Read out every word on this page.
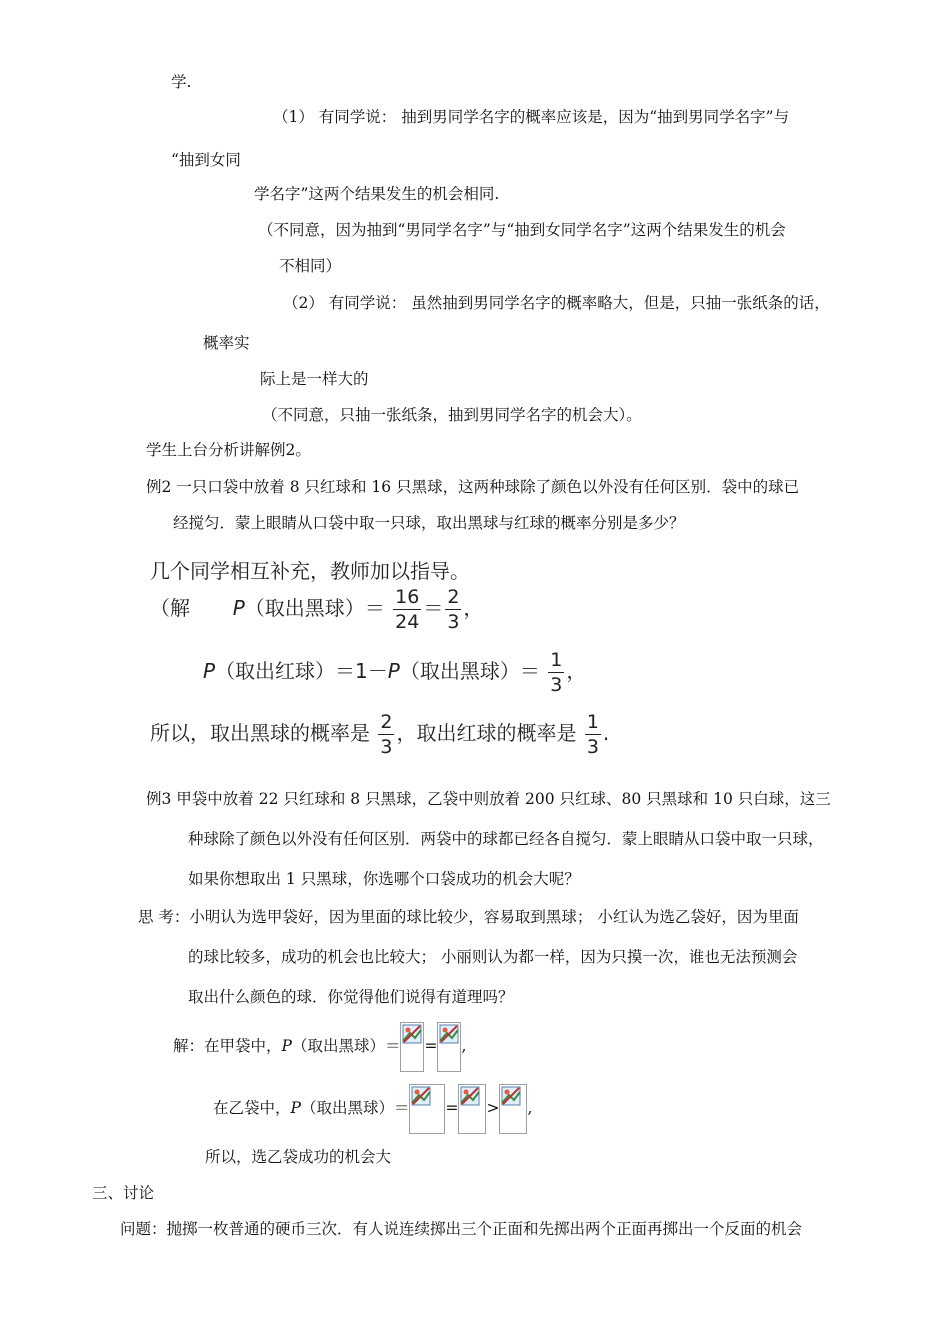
学.
（1） 有同学说： 抽到男同学名字的概率应该是，因为“抽到男同学名字”与
“抽到女同
学名字”这两个结果发生的机会相同.
（不同意，因为抽到“男同学名字”与“抽到女同学名字”这两个结果发生的机会
不相同）
（2） 有同学说： 虽然抽到男同学名字的概率略大，但是，只抽一张纸条的话，
概率实
际上是一样大的
（不同意，只抽一张纸条，抽到男同学名字的机会大）。
学生上台分析讲解例2。
例2 一只口袋中放着 8 只红球和 16 只黑球，这两种球除了颜色以外没有任何区别．袋中的球已
经搅匀．蒙上眼睛从口袋中取一只球，取出黑球与红球的概率分别是多少？
几个同学相互补充，教师加以指导。
（解 P（取出黑球）＝ $\frac{16}{24} = \frac{2}{3}$ ，
P（取出红球）＝1－P（取出黑球）＝ $\frac{1}{3}$ ，
所以，取出黑球的概率是 $\frac{2}{3}$ ，取出红球的概率是 $\frac{1}{3}$ .
例3 甲袋中放着 22 只红球和 8 只黑球，乙袋中则放着 200 只红球、80 只黑球和 10 只白球，这三
种球除了颜色以外没有任何区别．两袋中的球都已经各自搅匀．蒙上眼睛从口袋中取一只球，
如果你想取出 1 只黑球，你选哪个口袋成功的机会大呢？
思 考：小明认为选甲袋好，因为里面的球比较少，容易取到黑球； 小红认为选乙袋好，因为里面
的球比较多，成功的机会也比较大； 小丽则认为都一样，因为只摸一次，谁也无法预测会
取出什么颜色的球．你觉得他们说得有道理吗？
解：在甲袋中，P（取出黑球）＝ = ,
在乙袋中，P（取出黑球）＝ = > ,
所以，选乙袋成功的机会大
三、讨论
问题：抛掷一枚普通的硬币三次．有人说连续掷出三个正面和先掷出两个正面再掷出一个反面的机会
